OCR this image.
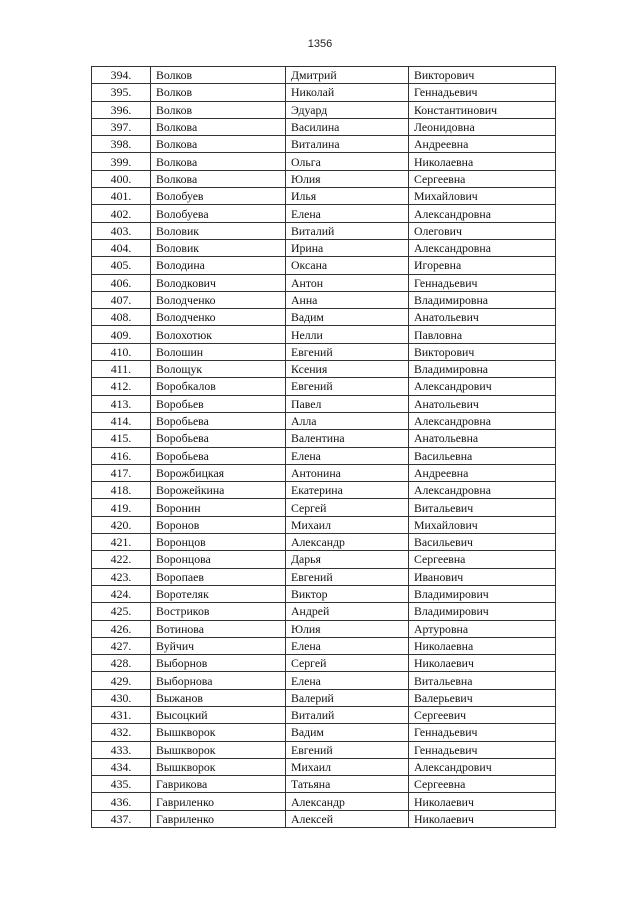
1356
394.	Волков	Дмитрий	Викторович
395.	Волков	Николай	Геннадьевич
396.	Волков	Эдуард	Константинович
397.	Волкова	Василина	Леонидовна
398.	Волкова	Виталина	Андреевна
399.	Волкова	Ольга	Николаевна
400.	Волкова	Юлия	Сергеевна
401.	Волобуев	Илья	Михайлович
402.	Волобуева	Елена	Александровна
403.	Воловик	Виталий	Олегович
404.	Воловик	Ирина	Александровна
405.	Володина	Оксана	Игоревна
406.	Володкович	Антон	Геннадьевич
407.	Володченко	Анна	Владимировна
408.	Володченко	Вадим	Анатольевич
409.	Волохотюк	Нелли	Павловна
410.	Волошин	Евгений	Викторович
411.	Волощук	Ксения	Владимировна
412.	Воробкалов	Евгений	Александрович
413.	Воробьев	Павел	Анатольевич
414.	Воробьева	Алла	Александровна
415.	Воробьева	Валентина	Анатольевна
416.	Воробьева	Елена	Васильевна
417.	Ворожбицкая	Антонина	Андреевна
418.	Ворожейкина	Екатерина	Александровна
419.	Воронин	Сергей	Витальевич
420.	Воронов	Михаил	Михайлович
421.	Воронцов	Александр	Васильевич
422.	Воронцова	Дарья	Сергеевна
423.	Воропаев	Евгений	Иванович
424.	Воротеляк	Виктор	Владимирович
425.	Востриков	Андрей	Владимирович
426.	Вотинова	Юлия	Артуровна
427.	Вуйчич	Елена	Николаевна
428.	Выборнов	Сергей	Николаевич
429.	Выборнова	Елена	Витальевна
430.	Выжанов	Валерий	Валерьевич
431.	Высоцкий	Виталий	Сергеевич
432.	Вышкворок	Вадим	Геннадьевич
433.	Вышкворок	Евгений	Геннадьевич
434.	Вышкворок	Михаил	Александрович
435.	Гаврикова	Татьяна	Сергеевна
436.	Гавриленко	Александр	Николаевич
437.	Гавриленко	Алексей	Николаевич
